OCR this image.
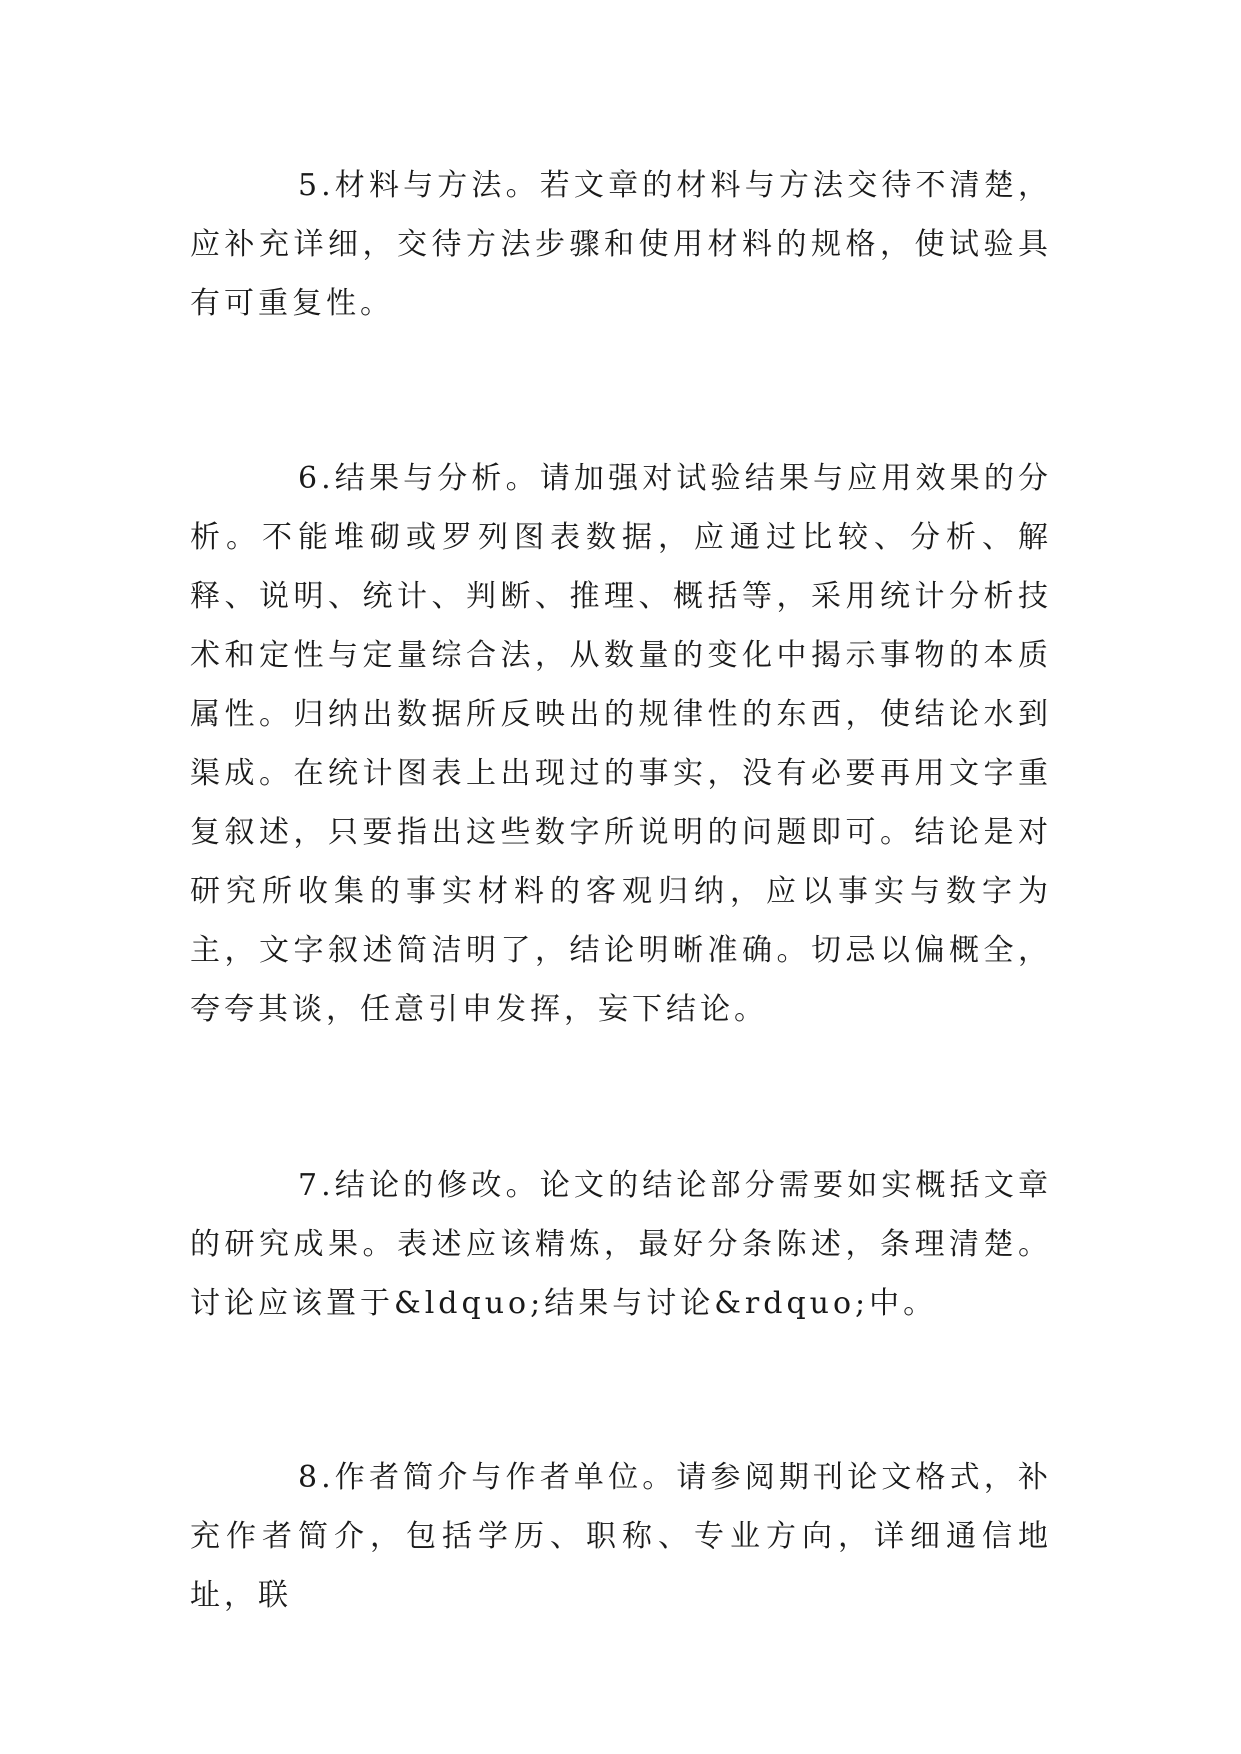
5.材料与方法。若文章的材料与方法交待不清楚，应补充详细，交待方法步骤和使用材料的规格，使试验具有可重复性。

6.结果与分析。请加强对试验结果与应用效果的分析。不能堆砌或罗列图表数据，应通过比较、分析、解释、说明、统计、判断、推理、概括等，采用统计分析技术和定性与定量综合法，从数量的变化中揭示事物的本质属性。归纳出数据所反映出的规律性的东西，使结论水到渠成。在统计图表上出现过的事实，没有必要再用文字重复叙述，只要指出这些数字所说明的问题即可。结论是对研究所收集的事实材料的客观归纳，应以事实与数字为主，文字叙述简洁明了，结论明晰准确。切忌以偏概全，夸夸其谈，任意引申发挥，妄下结论。

7.结论的修改。论文的结论部分需要如实概括文章的研究成果。表述应该精炼，最好分条陈述，条理清楚。讨论应该置于&ldquo;结果与讨论&rdquo;中。

8.作者简介与作者单位。请参阅期刊论文格式，补充作者简介，包括学历、职称、专业方向，详细通信地址，联
